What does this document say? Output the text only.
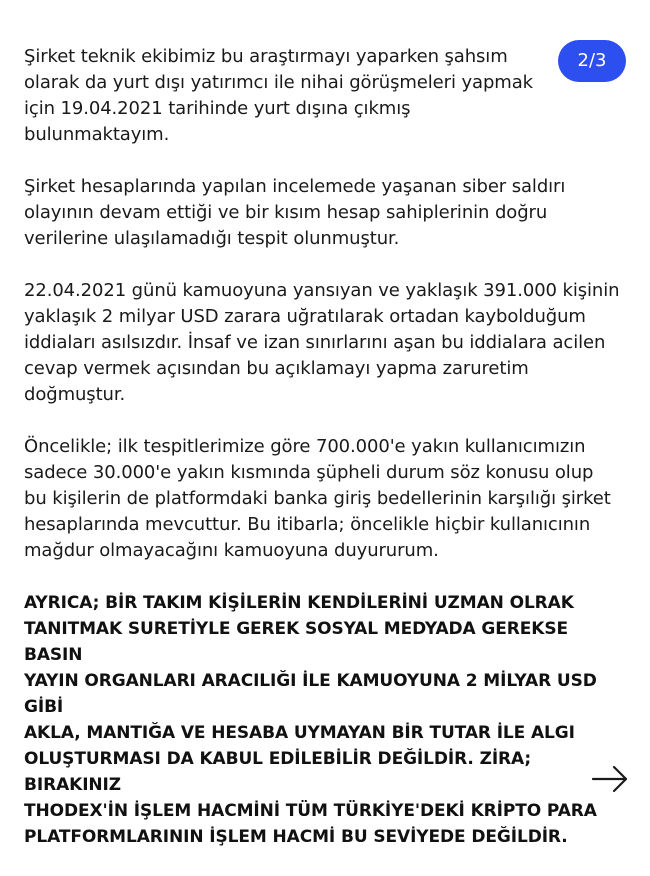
2/3

Şirket teknik ekibimiz bu araştırmayı yaparken şahsım
olarak da yurt dışı yatırımcı ile nihai görüşmeleri yapmak
için 19.04.2021 tarihinde yurt dışına çıkmış bulunmaktayım.

Şirket hesaplarında yapılan incelemede yaşanan siber saldırı
olayının devam ettiği ve bir kısım hesap sahiplerinin doğru
verilerine ulaşılamadığı tespit olunmuştur.

22.04.2021 günü kamuoyuna yansıyan ve yaklaşık 391.000 kişinin
yaklaşık 2 milyar USD zarara uğratılarak ortadan kaybolduğum
iddiaları asılsızdır. İnsaf ve izan sınırlarını aşan bu iddialara acilen
cevap vermek açısından bu açıklamayı yapma zaruretim
doğmuştur.

Öncelikle; ilk tespitlerimize göre 700.000'e yakın kullanıcımızın
sadece 30.000'e yakın kısmında şüpheli durum söz konusu olup
bu kişilerin de platformdaki banka giriş bedellerinin karşılığı şirket
hesaplarında mevcuttur. Bu itibarla; öncelikle hiçbir kullanıcının
mağdur olmayacağını kamuoyuna duyururum.

AYRICA; BİR TAKIM KİŞİLERİN KENDİLERİNİ UZMAN OLRAK
TANITMAK SURETİYLE GEREK SOSYAL MEDYADA GEREKSE BASIN
YAYIN ORGANLARI ARACILIĞI İLE KAMUOYUNA 2 MİLYAR USD GİBİ
AKLA, MANTIĞA VE HESABA UYMAYAN BİR TUTAR İLE ALGI
OLUŞTURMASI DA KABUL EDİLEBİLİR DEĞİLDİR. ZİRA; BIRAKINIZ
THODEX'İN İŞLEM HACMİNİ TÜM TÜRKİYE'DEKİ KRİPTO PARA
PLATFORMLARININ İŞLEM HACMİ BU SEVİYEDE DEĞİLDİR.
